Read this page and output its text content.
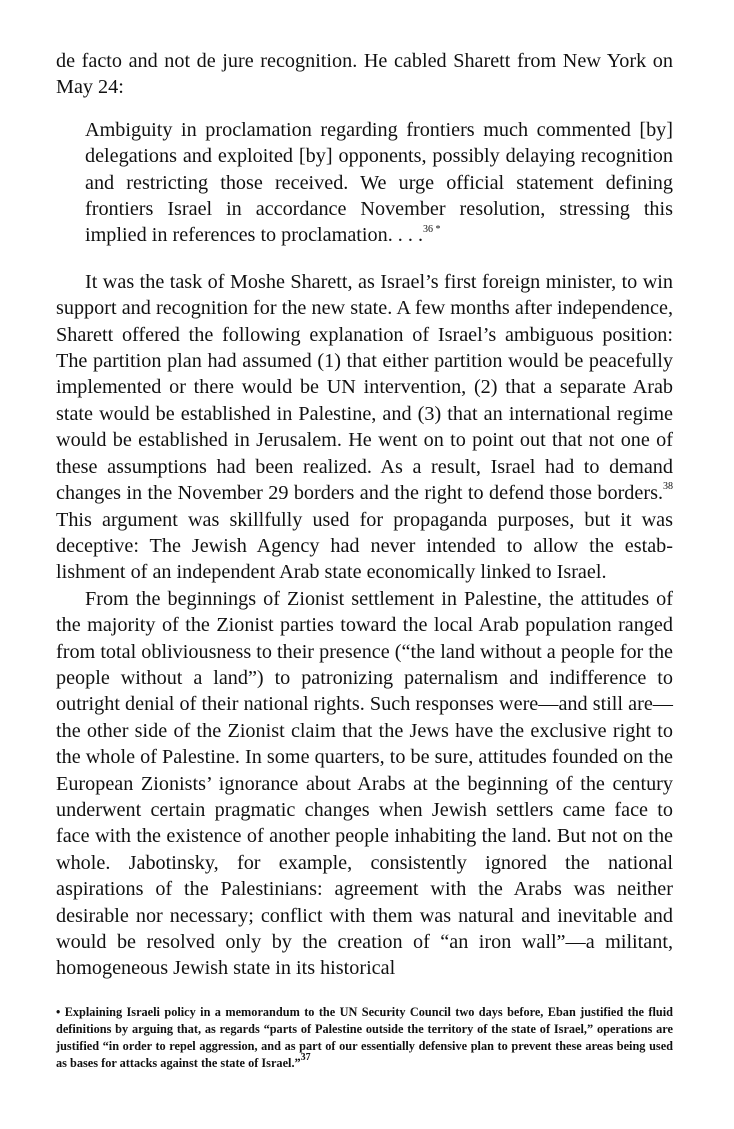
de facto and not de jure recognition. He cabled Sharett from New York on May 24:

Ambiguity in proclamation regarding frontiers much commented [by] delegations and exploited [by] opponents, possibly delaying recognition and restricting those received. We urge official statement defining frontiers Israel in accordance November resolution, stressing this implied in references to proclamation. . . .$^{36 *}$

It was the task of Moshe Sharett, as Israel’s first foreign minister, to win support and recognition for the new state. A few months after independence, Sharett offered the following explanation of Israel’s ambiguous position: The partition plan had assumed (1) that either partition would be peacefully implemented or there would be UN intervention, (2) that a separate Arab state would be established in Palestine, and (3) that an international regime would be established in Jerusalem. He went on to point out that not one of these assumptions had been realized. As a result, Israel had to demand changes in the November 29 borders and the right to defend those borders.$^{38}$ This argument was skillfully used for propaganda purposes, but it was deceptive: The Jewish Agency had never intended to allow the establishment of an independent Arab state economically linked to Israel.

From the beginnings of Zionist settlement in Palestine, the attitudes of the majority of the Zionist parties toward the local Arab population ranged from total obliviousness to their presence (“the land without a people for the people without a land”) to patronizing paternalism and indifference to outright denial of their national rights. Such responses were—and still are—the other side of the Zionist claim that the Jews have the exclusive right to the whole of Palestine. In some quarters, to be sure, attitudes founded on the European Zionists’ ignorance about Arabs at the beginning of the century underwent certain pragmatic changes when Jewish settlers came face to face with the existence of another people inhabiting the land. But not on the whole. Jabotinsky, for example, consistently ignored the national aspirations of the Palestinians: agreement with the Arabs was neither desirable nor necessary; conflict with them was natural and inevitable and would be resolved only by the creation of “an iron wall”—a militant, homogeneous Jewish state in its historical

• Explaining Israeli policy in a memorandum to the UN Security Council two days before, Eban justified the fluid definitions by arguing that, as regards “parts of Palestine outside the territory of the state of Israel,” operations are justified “in order to repel aggression, and as part of our essentially defensive plan to prevent these areas being used as bases for attacks against the state of Israel.”$^{37}$
